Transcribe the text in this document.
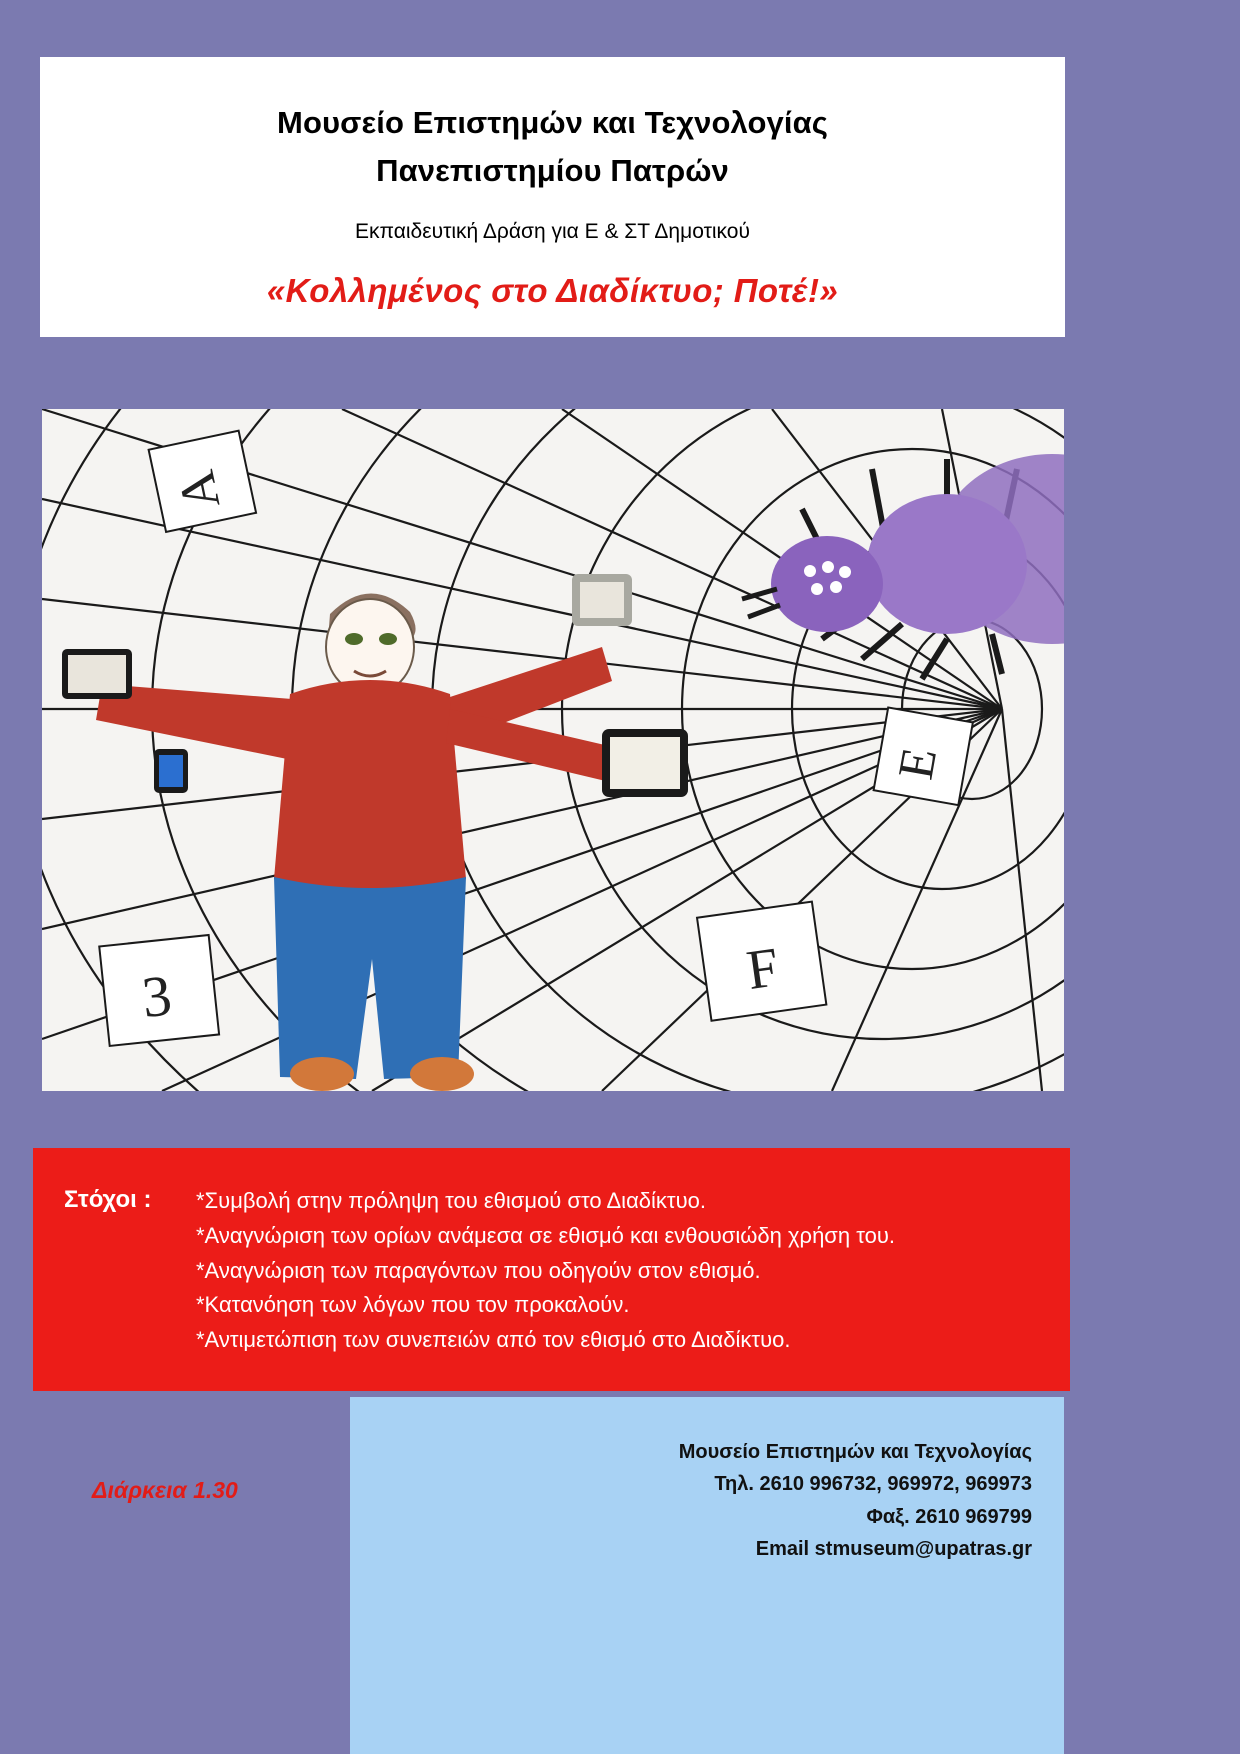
Μουσείο Επιστημών και Τεχνολογίας
Πανεπιστημίου Πατρών
Εκπαιδευτική Δράση για Ε & ΣΤ Δημοτικού
«Κολλημένος στο Διαδίκτυο; Ποτέ!»
A
E
3	F
Στόχοι : *Συμβολή στην πρόληψη του εθισμού στο Διαδίκτυο.
*Αναγνώριση των ορίων ανάμεσα σε εθισμό και ενθουσιώδη χρήση του.
*Αναγνώριση των παραγόντων που οδηγούν στον εθισμό.
*Κατανόηση των λόγων που τον προκαλούν.
*Αντιμετώπιση των συνεπειών από τον εθισμό στο Διαδίκτυο.
Διάρκεια 1.30
Μουσείο Επιστημών και Τεχνολογίας
Τηλ. 2610 996732, 969972, 969973
Φαξ. 2610 969799
Email stmuseum@upatras.gr
